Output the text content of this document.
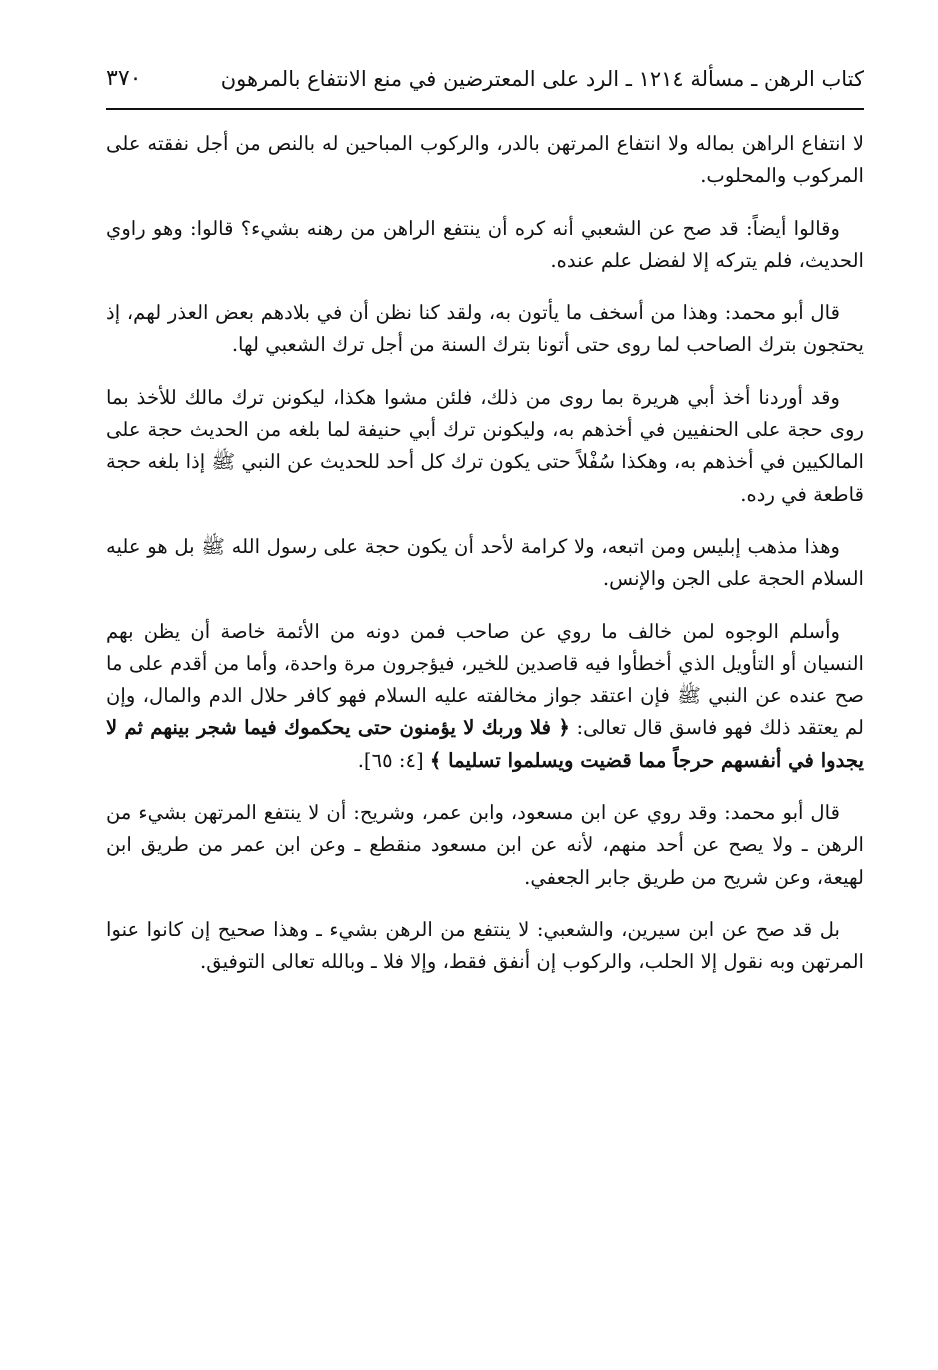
كتاب الرهن ـ مسألة ١٢١٤ ـ الرد على المعترضين في منع الانتفاع بالمرهون
٣٧٠

لا انتفاع الراهن بماله ولا انتفاع المرتهن بالدر، والركوب المباحين له بالنص من أجل نفقته على المركوب والمحلوب.

وقالوا أيضاً: قد صح عن الشعبي أنه كره أن ينتفع الراهن من رهنه بشيء؟ قالوا: وهو راوي الحديث، فلم يتركه إلا لفضل علم عنده.

قال أبو محمد: وهذا من أسخف ما يأتون به، ولقد كنا نظن أن في بلادهم بعض العذر لهم، إذ يحتجون بترك الصاحب لما روى حتى أتونا بترك السنة من أجل ترك الشعبي لها.

وقد أوردنا أخذ أبي هريرة بما روى من ذلك، فلئن مشوا هكذا، ليكونن ترك مالك للأخذ بما روى حجة على الحنفيين في أخذهم به، وليكونن ترك أبي حنيفة لما بلغه من الحديث حجة على المالكيين في أخذهم به، وهكذا سُفْلاً حتى يكون ترك كل أحد للحديث عن النبي ﷺ إذا بلغه حجة قاطعة في رده.

وهذا مذهب إبليس ومن اتبعه، ولا كرامة لأحد أن يكون حجة على رسول الله ﷺ بل هو عليه السلام الحجة على الجن والإنس.

وأسلم الوجوه لمن خالف ما روي عن صاحب فمن دونه من الأئمة خاصة أن يظن بهم النسيان أو التأويل الذي أخطأوا فيه قاصدين للخير، فيؤجرون مرة واحدة، وأما من أقدم على ما صح عنده عن النبي ﷺ فإن اعتقد جواز مخالفته عليه السلام فهو كافر حلال الدم والمال، وإن لم يعتقد ذلك فهو فاسق قال تعالى: ﴿ فلا وربك لا يؤمنون حتى يحكموك فيما شجر بينهم ثم لا يجدوا في أنفسهم حرجاً مما قضيت ويسلموا تسليما ﴾ [٤: ٦٥].

قال أبو محمد: وقد روي عن ابن مسعود، وابن عمر، وشريح: أن لا ينتفع المرتهن بشيء من الرهن ـ ولا يصح عن أحد منهم، لأنه عن ابن مسعود منقطع ـ وعن ابن عمر من طريق ابن لهيعة، وعن شريح من طريق جابر الجعفي.

بل قد صح عن ابن سيرين، والشعبي: لا ينتفع من الرهن بشيء ـ وهذا صحيح إن كانوا عنوا المرتهن وبه نقول إلا الحلب، والركوب إن أنفق فقط، وإلا فلا ـ وبالله تعالى التوفيق.
